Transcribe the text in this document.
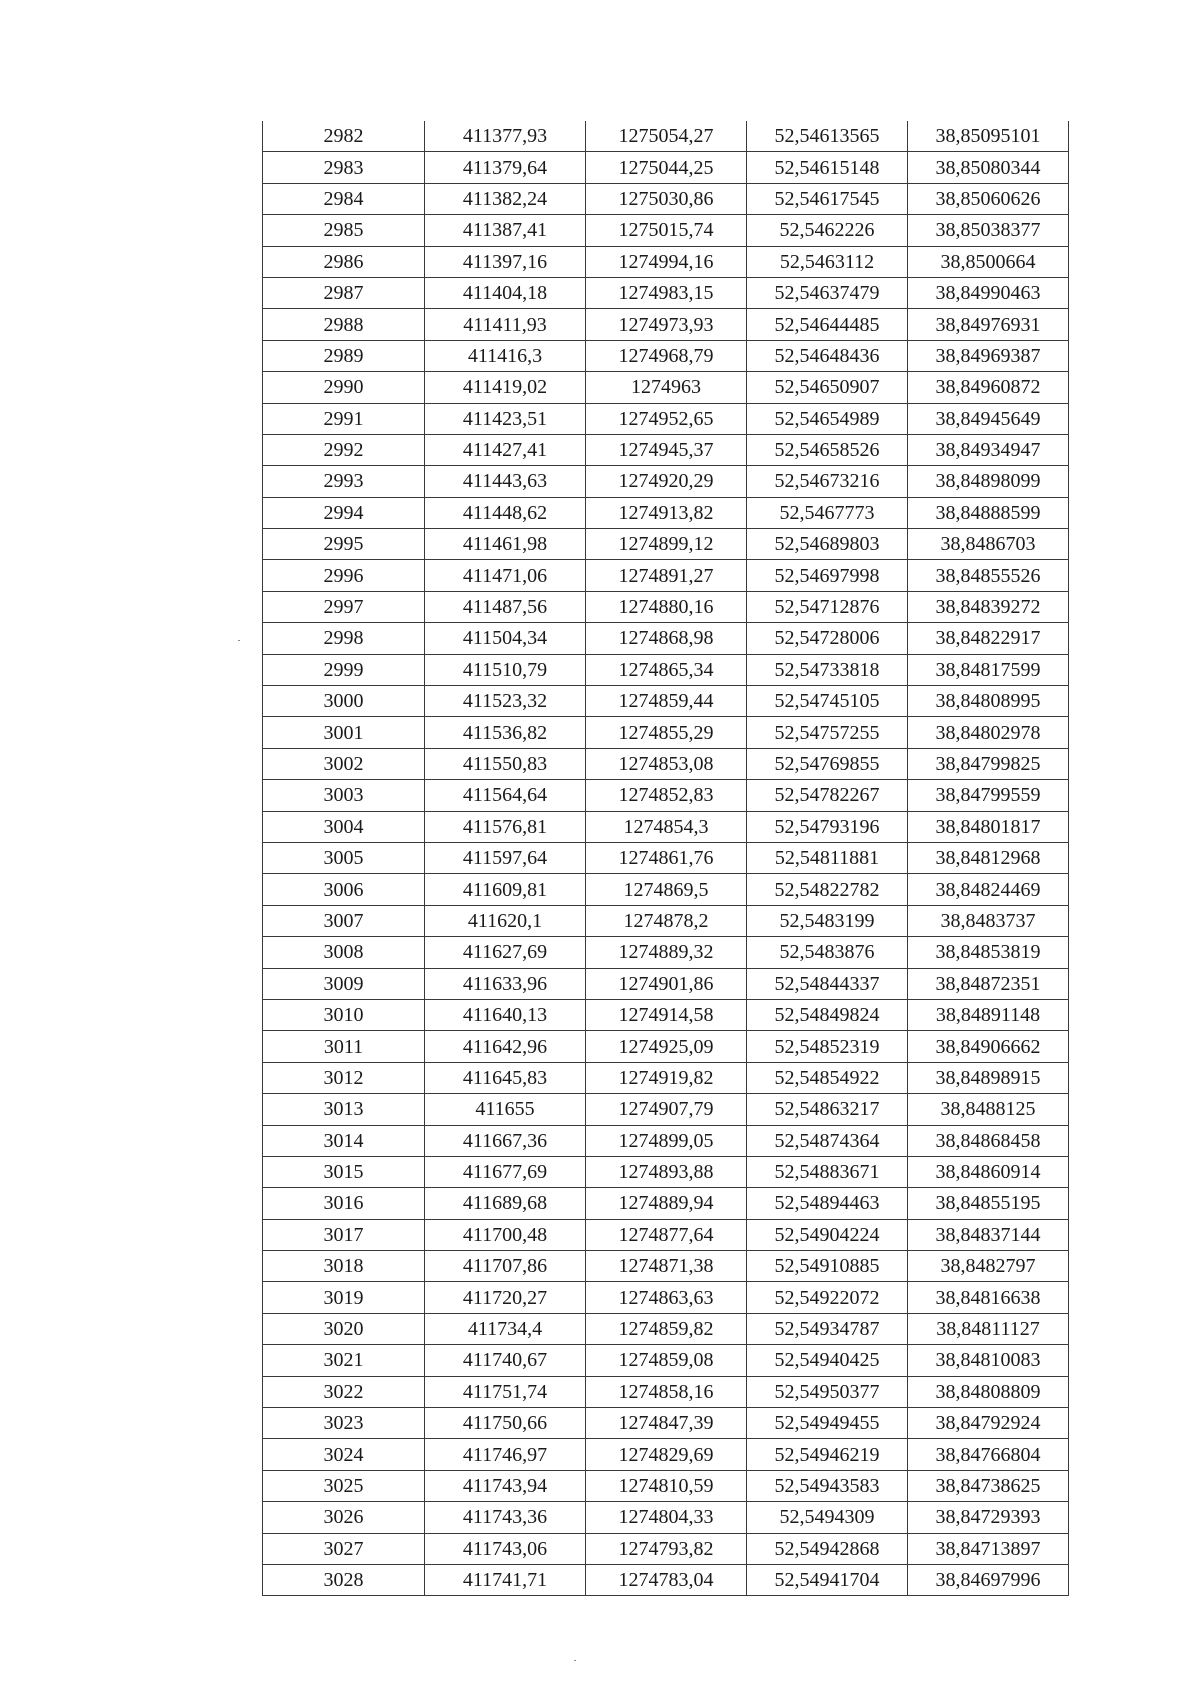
2982	411377,93	1275054,27	52,54613565	38,85095101
2983	411379,64	1275044,25	52,54615148	38,85080344
2984	411382,24	1275030,86	52,54617545	38,85060626
2985	411387,41	1275015,74	52,5462226	38,85038377
2986	411397,16	1274994,16	52,5463112	38,8500664
2987	411404,18	1274983,15	52,54637479	38,84990463
2988	411411,93	1274973,93	52,54644485	38,84976931
2989	411416,3	1274968,79	52,54648436	38,84969387
2990	411419,02	1274963	52,54650907	38,84960872
2991	411423,51	1274952,65	52,54654989	38,84945649
2992	411427,41	1274945,37	52,54658526	38,84934947
2993	411443,63	1274920,29	52,54673216	38,84898099
2994	411448,62	1274913,82	52,5467773	38,84888599
2995	411461,98	1274899,12	52,54689803	38,8486703
2996	411471,06	1274891,27	52,54697998	38,84855526
2997	411487,56	1274880,16	52,54712876	38,84839272
2998	411504,34	1274868,98	52,54728006	38,84822917
2999	411510,79	1274865,34	52,54733818	38,84817599
3000	411523,32	1274859,44	52,54745105	38,84808995
3001	411536,82	1274855,29	52,54757255	38,84802978
3002	411550,83	1274853,08	52,54769855	38,84799825
3003	411564,64	1274852,83	52,54782267	38,84799559
3004	411576,81	1274854,3	52,54793196	38,84801817
3005	411597,64	1274861,76	52,54811881	38,84812968
3006	411609,81	1274869,5	52,54822782	38,84824469
3007	411620,1	1274878,2	52,5483199	38,8483737
3008	411627,69	1274889,32	52,5483876	38,84853819
3009	411633,96	1274901,86	52,54844337	38,84872351
3010	411640,13	1274914,58	52,54849824	38,84891148
3011	411642,96	1274925,09	52,54852319	38,84906662
3012	411645,83	1274919,82	52,54854922	38,84898915
3013	411655	1274907,79	52,54863217	38,8488125
3014	411667,36	1274899,05	52,54874364	38,84868458
3015	411677,69	1274893,88	52,54883671	38,84860914
3016	411689,68	1274889,94	52,54894463	38,84855195
3017	411700,48	1274877,64	52,54904224	38,84837144
3018	411707,86	1274871,38	52,54910885	38,8482797
3019	411720,27	1274863,63	52,54922072	38,84816638
3020	411734,4	1274859,82	52,54934787	38,84811127
3021	411740,67	1274859,08	52,54940425	38,84810083
3022	411751,74	1274858,16	52,54950377	38,84808809
3023	411750,66	1274847,39	52,54949455	38,84792924
3024	411746,97	1274829,69	52,54946219	38,84766804
3025	411743,94	1274810,59	52,54943583	38,84738625
3026	411743,36	1274804,33	52,5494309	38,84729393
3027	411743,06	1274793,82	52,54942868	38,84713897
3028	411741,71	1274783,04	52,54941704	38,84697996
